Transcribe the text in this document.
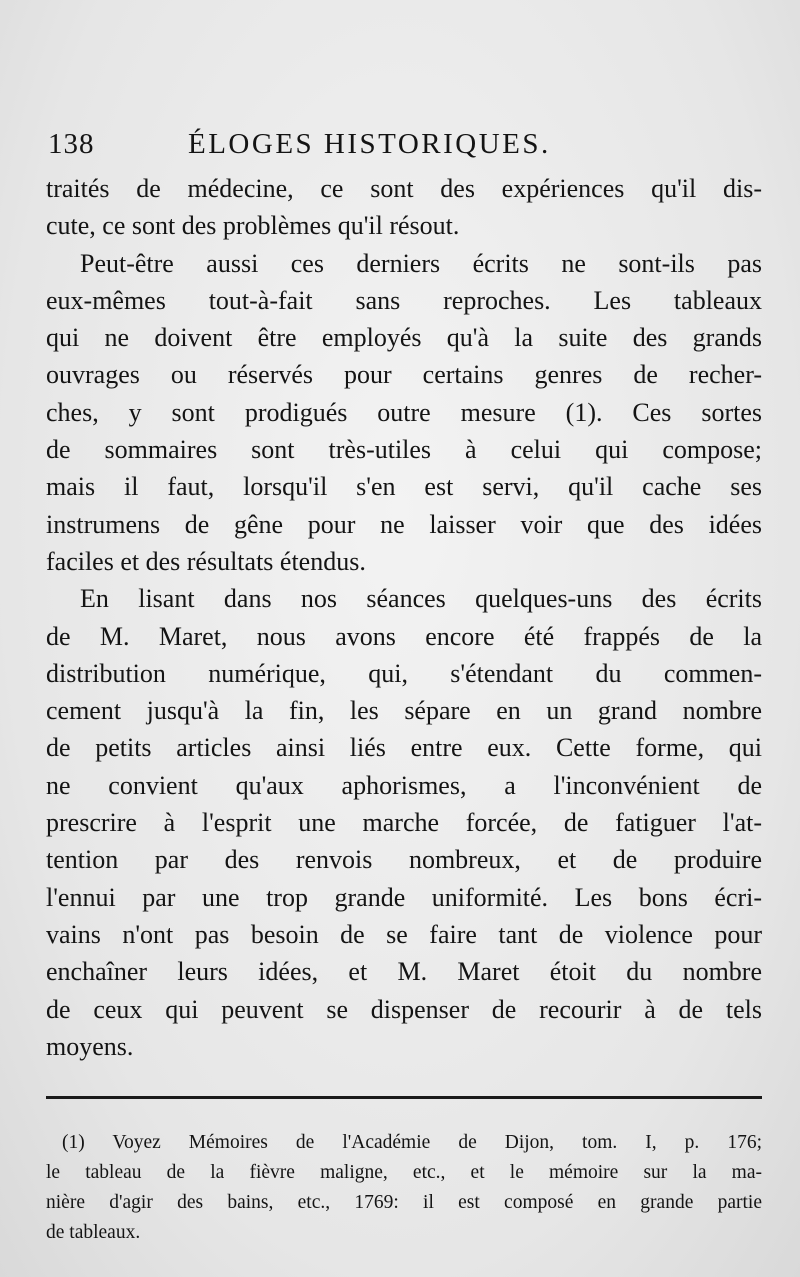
138	ÉLOGES HISTORIQUES.
traités de médecine, ce sont des expériences qu'il dis-
cute, ce sont des problèmes qu'il résout.
Peut-être aussi ces derniers écrits ne sont-ils pas
eux-mêmes tout-à-fait sans reproches. Les tableaux
qui ne doivent être employés qu'à la suite des grands
ouvrages ou réservés pour certains genres de recher-
ches, y sont prodigués outre mesure (1). Ces sortes
de sommaires sont très-utiles à celui qui compose;
mais il faut, lorsqu'il s'en est servi, qu'il cache ses
instrumens de gêne pour ne laisser voir que des idées
faciles et des résultats étendus.
En lisant dans nos séances quelques-uns des écrits
de M. Maret, nous avons encore été frappés de la
distribution numérique, qui, s'étendant du commen-
cement jusqu'à la fin, les sépare en un grand nombre
de petits articles ainsi liés entre eux. Cette forme, qui
ne convient qu'aux aphorismes, a l'inconvénient de
prescrire à l'esprit une marche forcée, de fatiguer l'at-
tention par des renvois nombreux, et de produire
l'ennui par une trop grande uniformité. Les bons écri-
vains n'ont pas besoin de se faire tant de violence pour
enchaîner leurs idées, et M. Maret étoit du nombre
de ceux qui peuvent se dispenser de recourir à de tels
moyens.
(1) Voyez Mémoires de l'Académie de Dijon, tom. I, p. 176;
le tableau de la fièvre maligne, etc., et le mémoire sur la ma-
nière d'agir des bains, etc., 1769: il est composé en grande partie
de tableaux.
